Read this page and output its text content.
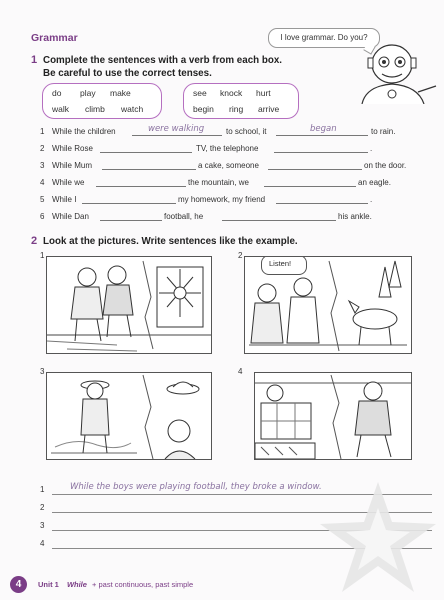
Grammar	I love grammar. Do you?
1 Complete the sentences with a verb from each box.
Be careful to use the correct tenses.
do play make
walk climb watch
see knock hurt
begin ring arrive
1 While the children	were walking	to school, it	began	to rain.
2 While Rose	TV, the telephone	.
3 While Mum	a cake, someone	on the door.
4 While we	the mountain, we	an eagle.
5 While I	my homework, my friend	.
6 While Dan	football, he	his ankle.
2 Look at the pictures. Write sentences like the example.
1	2
Listen!
3	4
1	While the boys were playing football, they broke a window.
2
3
4
4	Unit 1 While + past continuous, past simple
